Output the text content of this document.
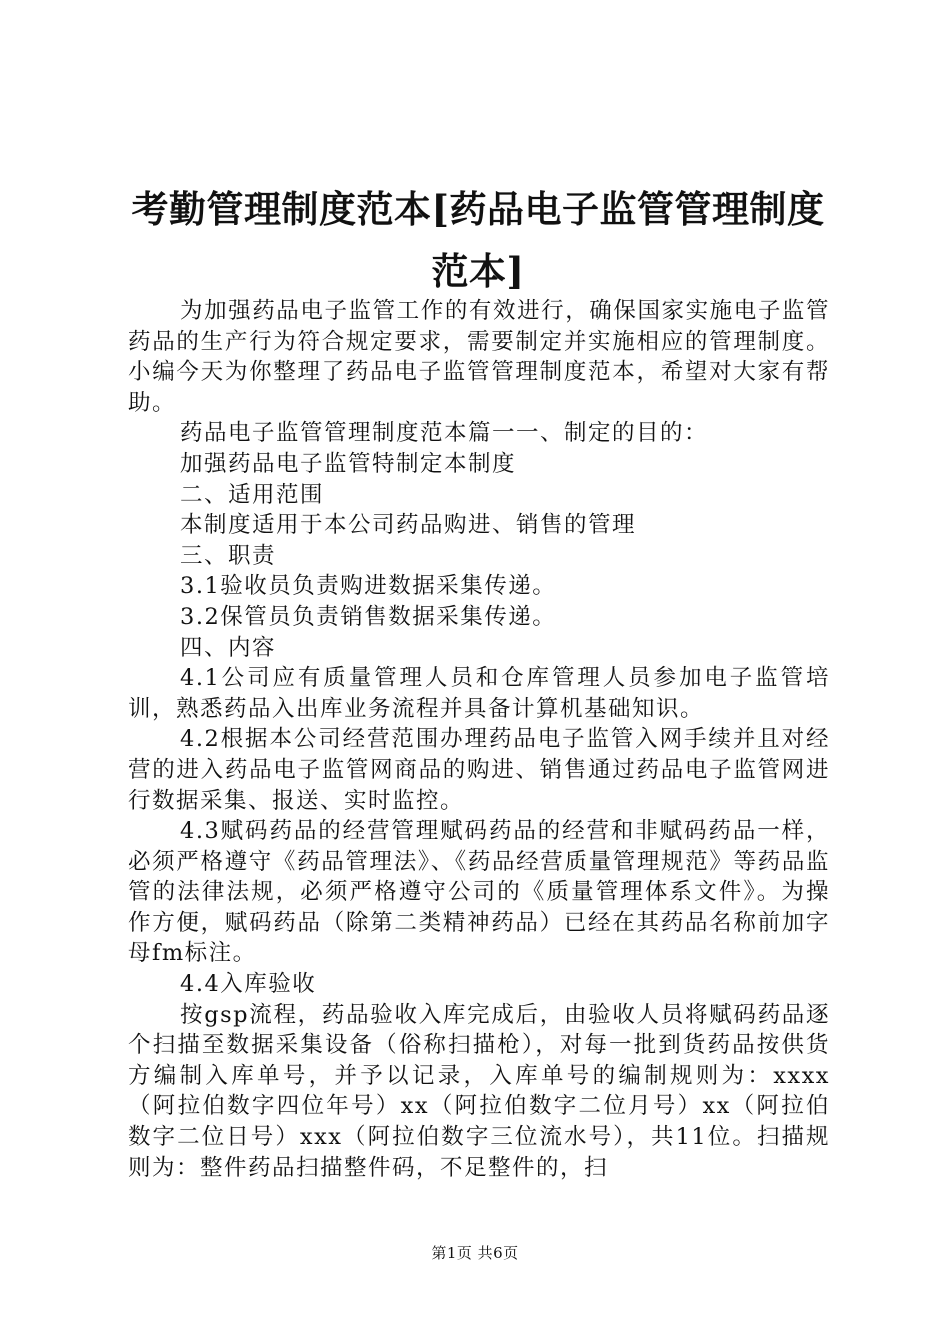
考勤管理制度范本[药品电子监管管理制度范本]

为加强药品电子监管工作的有效进行，确保国家实施电子监管药品的生产行为符合规定要求，需要制定并实施相应的管理制度。小编今天为你整理了药品电子监管管理制度范本，希望对大家有帮助。

药品电子监管管理制度范本篇一一、制定的目的：

加强药品电子监管特制定本制度

二、适用范围

本制度适用于本公司药品购进、销售的管理

三、职责

3.1验收员负责购进数据采集传递。

3.2保管员负责销售数据采集传递。

四、内容

4.1公司应有质量管理人员和仓库管理人员参加电子监管培训，熟悉药品入出库业务流程并具备计算机基础知识。

4.2根据本公司经营范围办理药品电子监管入网手续并且对经营的进入药品电子监管网商品的购进、销售通过药品电子监管网进行数据采集、报送、实时监控。

4.3赋码药品的经营管理赋码药品的经营和非赋码药品一样，必须严格遵守《药品管理法》、《药品经营质量管理规范》等药品监管的法律法规，必须严格遵守公司的《质量管理体系文件》。为操作方便，赋码药品（除第二类精神药品）已经在其药品名称前加字母fm标注。

4.4入库验收

按gsp流程，药品验收入库完成后，由验收人员将赋码药品逐个扫描至数据采集设备（俗称扫描枪），对每一批到货药品按供货方编制入库单号，并予以记录，入库单号的编制规则为：xxxx（阿拉伯数字四位年号）xx（阿拉伯数字二位月号）xx（阿拉伯数字二位日号）xxx（阿拉伯数字三位流水号），共11位。扫描规则为：整件药品扫描整件码，不足整件的，扫

第1页 共6页
